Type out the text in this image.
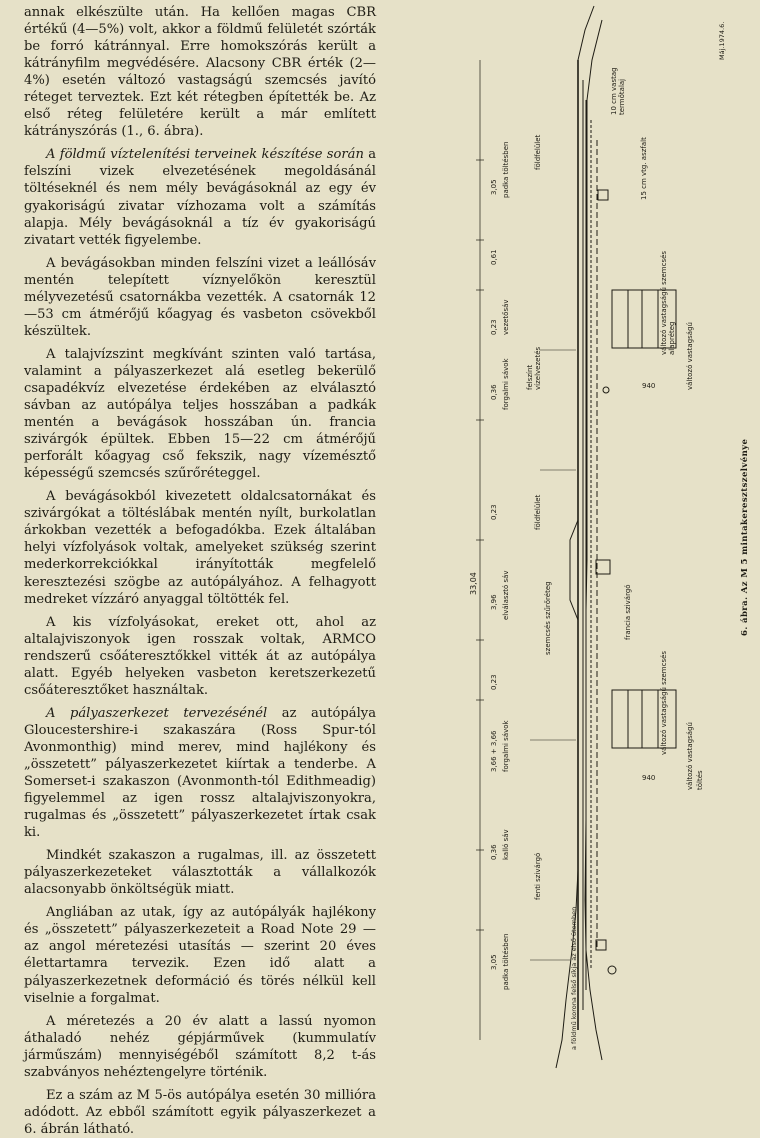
annak elkészültе után. Ha kellően magas CBR értékű (4—5%) volt, akkor a földmű felületét szórták be forró kátránnyal. Erre homokszórás került a kátrányfilm megvédésére. Alacsony CBR érték (2—4%) esetén változó vastagságú szemcsés javító réteget terveztek. Ezt két rétegben építették be. Az első réteg felületére került a már említett kátrányszórás (1., 6. ábra).

A földmű víztelenítési terveinek készítése során a felszíni vizek elvezetésének megoldásánál töltéseknél és nem mély bevágásoknál az egy év gyakoriságú zivatar vízhozama volt a számítás alapja. Mély bevágásoknál a tíz év gyakoriságú zivatart vették figyelembe.

A bevágásokban minden felszíni vizet a leállósáv mentén telepített víznyelőkön keresztül mélyvezetésű csatornákba vezették. A csatornák 12—53 cm átmérőjű kőagyag és vasbeton csövekből készültek.

A talajvízszint megkívánt szinten való tartása, valamint a pályaszerkezet alá esetleg bekerülő csapadékvíz elvezetése érdekében az elválasztó sávban az autópálya teljes hosszában a padkák mentén a bevágások hosszában ún. francia szivárgók épültek. Ebben 15—22 cm átmérőjű perforált kőagyag cső fekszik, nagy vízemésztő képességű szemcsés szűrőréteggel.

A bevágásokból kivezetett oldalcsatornákat és szivárgókat a töltéslábak mentén nyílt, burkolatlan árkokban vezették a befogadókba. Ezek általában helyi vízfolyások voltak, amelyeket szükség szerint mederkorrekciókkal irányították megfelelő keresztezési szögbe az autópályához. A felhagyott medreket vízzáró anyaggal töltötték fel.

A kis vízfolyásokat, ereket ott, ahol az altalajviszonyok igen rosszak voltak, ARMCO rendszerű csőáteresztőkkel vitték át az autópálya alatt. Egyéb helyeken vasbeton keretszerkezetű csőáteresztőket használtak.

A pályaszerkezet tervezésénél az autópálya Gloucestershire-i szakaszára (Ross Spur-tól Avonmonthig) mind merev, mind hajlékony és „összetett” pályaszerkezetet kiírtak a tenderbe. A Somerset-i szakaszon (Avonmonth-tól Edithmeadig) figyelemmel az igen rossz altalajviszonyokra, rugalmas és „összetett” pályaszerkezetet írtak csak ki.

Mindkét szakaszon a rugalmas, ill. az összetett pályaszerkezeteket választották a vállalkozók alacsonyabb önköltségük miatt.

Angliában az utak, így az autópályák hajlékony és „összetett” pályaszerkezeteit a Road Note 29 — az angol méretezési utasítás — szerint 20 éves élettartamra tervezik. Ezen idő alatt a pályaszerkezetnek deformáció és törés nélkül kell viselnie a forgalmat.

A méretezés a 20 év alatt a lassú nyomon áthaladó nehéz gépjárművek (kummulatív járműszám) mennyiségéből számított 8,2 t-ás szabványos nehéztengelyre történik.

Ez a szám az M 5-ös autópálya esetén 30 millióra adódott. Az ebből számított egyik pályaszerkezet a 6. ábrán látható.

3,05 padka töltésben
0,61
0,23 vezetősáv
0,36 forgalmi sávok
0,23
3,96 elválasztó sáv
0,23
3,66 + 3,66 forgalmi sávok
0,36 kalló sáv
3,05 padka töltésben
33,04
földfelület
felszínt vízelvezetés
földfelület
szemcsés szűrőréteg	francia szivárgó
fenti szivárgó
a földmű korona felső síkja az első ütemben
10 cm vastag termőtalaj
15 cm vtg. aszfalt
változó vastagságú szemcsés alapréteg változó vastagságú
változó vastagságú szemcsés
változó vastagságú töltés
940
940
Máj.1974.6.
6. ábra. Az M 5 mintakeresztszelvénye
